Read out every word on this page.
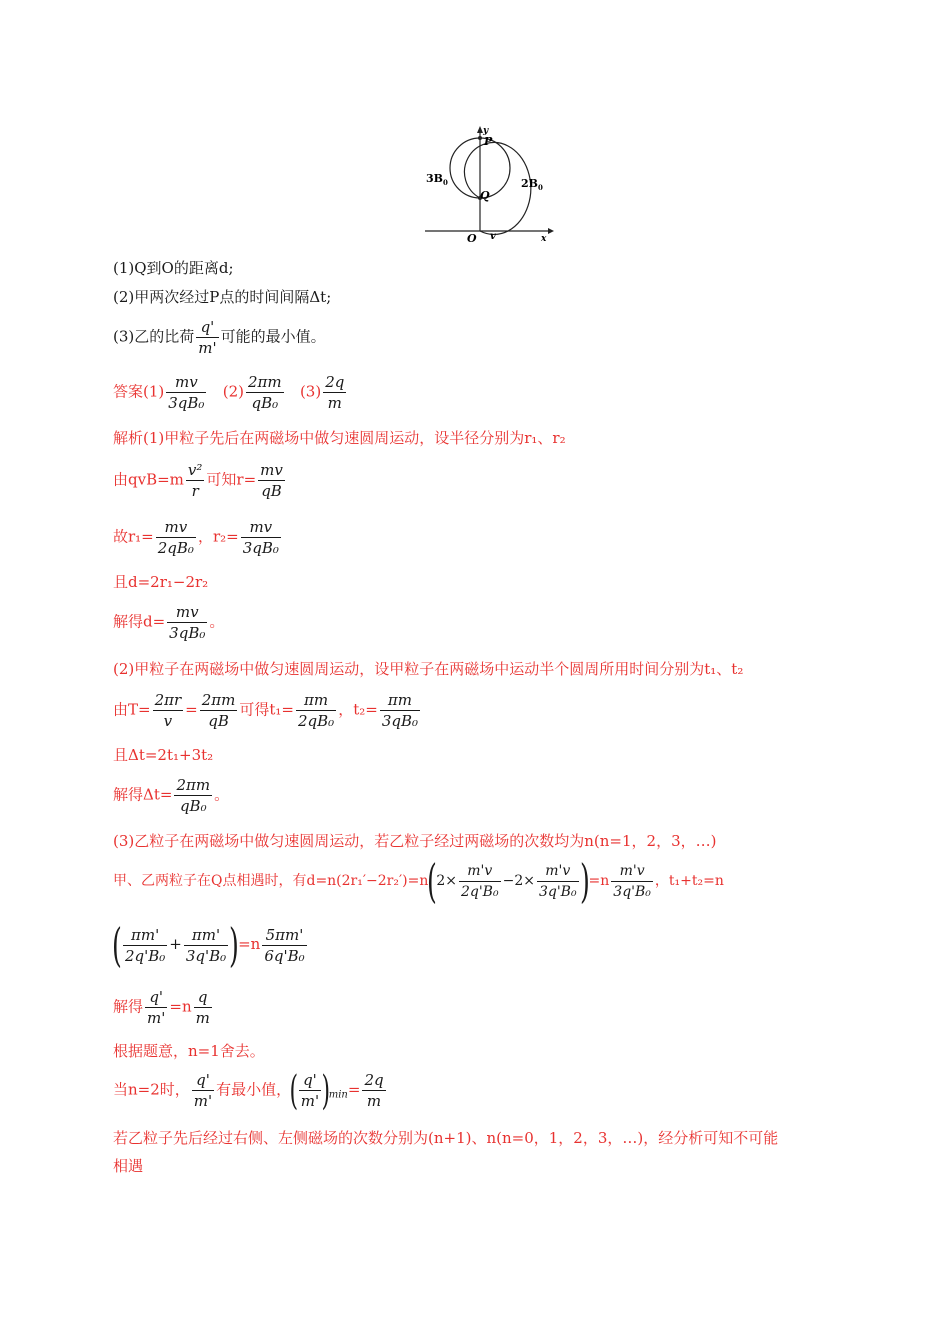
y
P
Q
O v	x
$3B_0$	$2B_0$
(1)Q到O的距离d;
(2)甲两次经过P点的时间间隔Δt;
(3)乙的比荷 $\frac{q'}{m'}$ 可能的最小值。
答案$(1) \frac{mv}{\text{3qB₀}} (2) \frac{2\pi m}{\text{qB₀}} (3) \frac{2q}{m}$
解析(1)甲粒子先后在两磁场中做匀速圆周运动，设半径分别为r₁、r₂
由$qvB=m \frac{\text{v²}}{r}$ 可知$r= \frac{mv}{qB}$
故$r_1= \frac{mv}{\text{2qB₀}}$ ，$r_2= \frac{mv}{\text{3qB₀}}$
且d=2r₁−2r₂
解得$d= \frac{mv}{\text{3qB₀}}$ 。
(2)甲粒子在两磁场中做匀速圆周运动，设甲粒子在两磁场中运动半个圆周所用时间分别为t₁、t₂
由$T= \frac{2\pi r}{v} = \frac{2\pi m}{qB}$ 可得$t_1= \frac{\pi m}{\text{2qB₀}}$ ，$t_2= \frac{\pi m}{\text{3qB₀}}$
且Δt=2t₁+3t₂
解得$\Delta t= \frac{2\pi m}{\text{qB₀}}$ 。
(3)乙粒子在两磁场中做匀速圆周运动，若乙粒子经过两磁场的次数均为n(n=1，2，3，…)
甲、乙两粒子在Q点相遇时，有$d=n(2r_1'-2r_2')=n(2\times \frac{m'v}{\text{2q'B₀}} -2\times \frac{m'v}{\text{3q'B₀}} )=n \frac{m'v}{\text{3q'B₀}}$ ，t₁+t₂=n
( $\frac{\pi m'}{\text{2q'B₀}} + \frac{\pi m'}{\text{3q'B₀}} )=n \frac{5\pi m'}{\text{6q'B₀}}$
解得 $\frac{q'}{m'} =n \frac{q}{m}$
根据题意，n=1舍去。
当n=2时， $\frac{q'}{m'}$ 有最小值，( $\frac{q'}{m'} )_{min}= \frac{2q}{m}$
若乙粒子先后经过右侧、左侧磁场的次数分别为(n+1)、n(n=0，1，2，3，…)，经分析可知不可能
相遇
